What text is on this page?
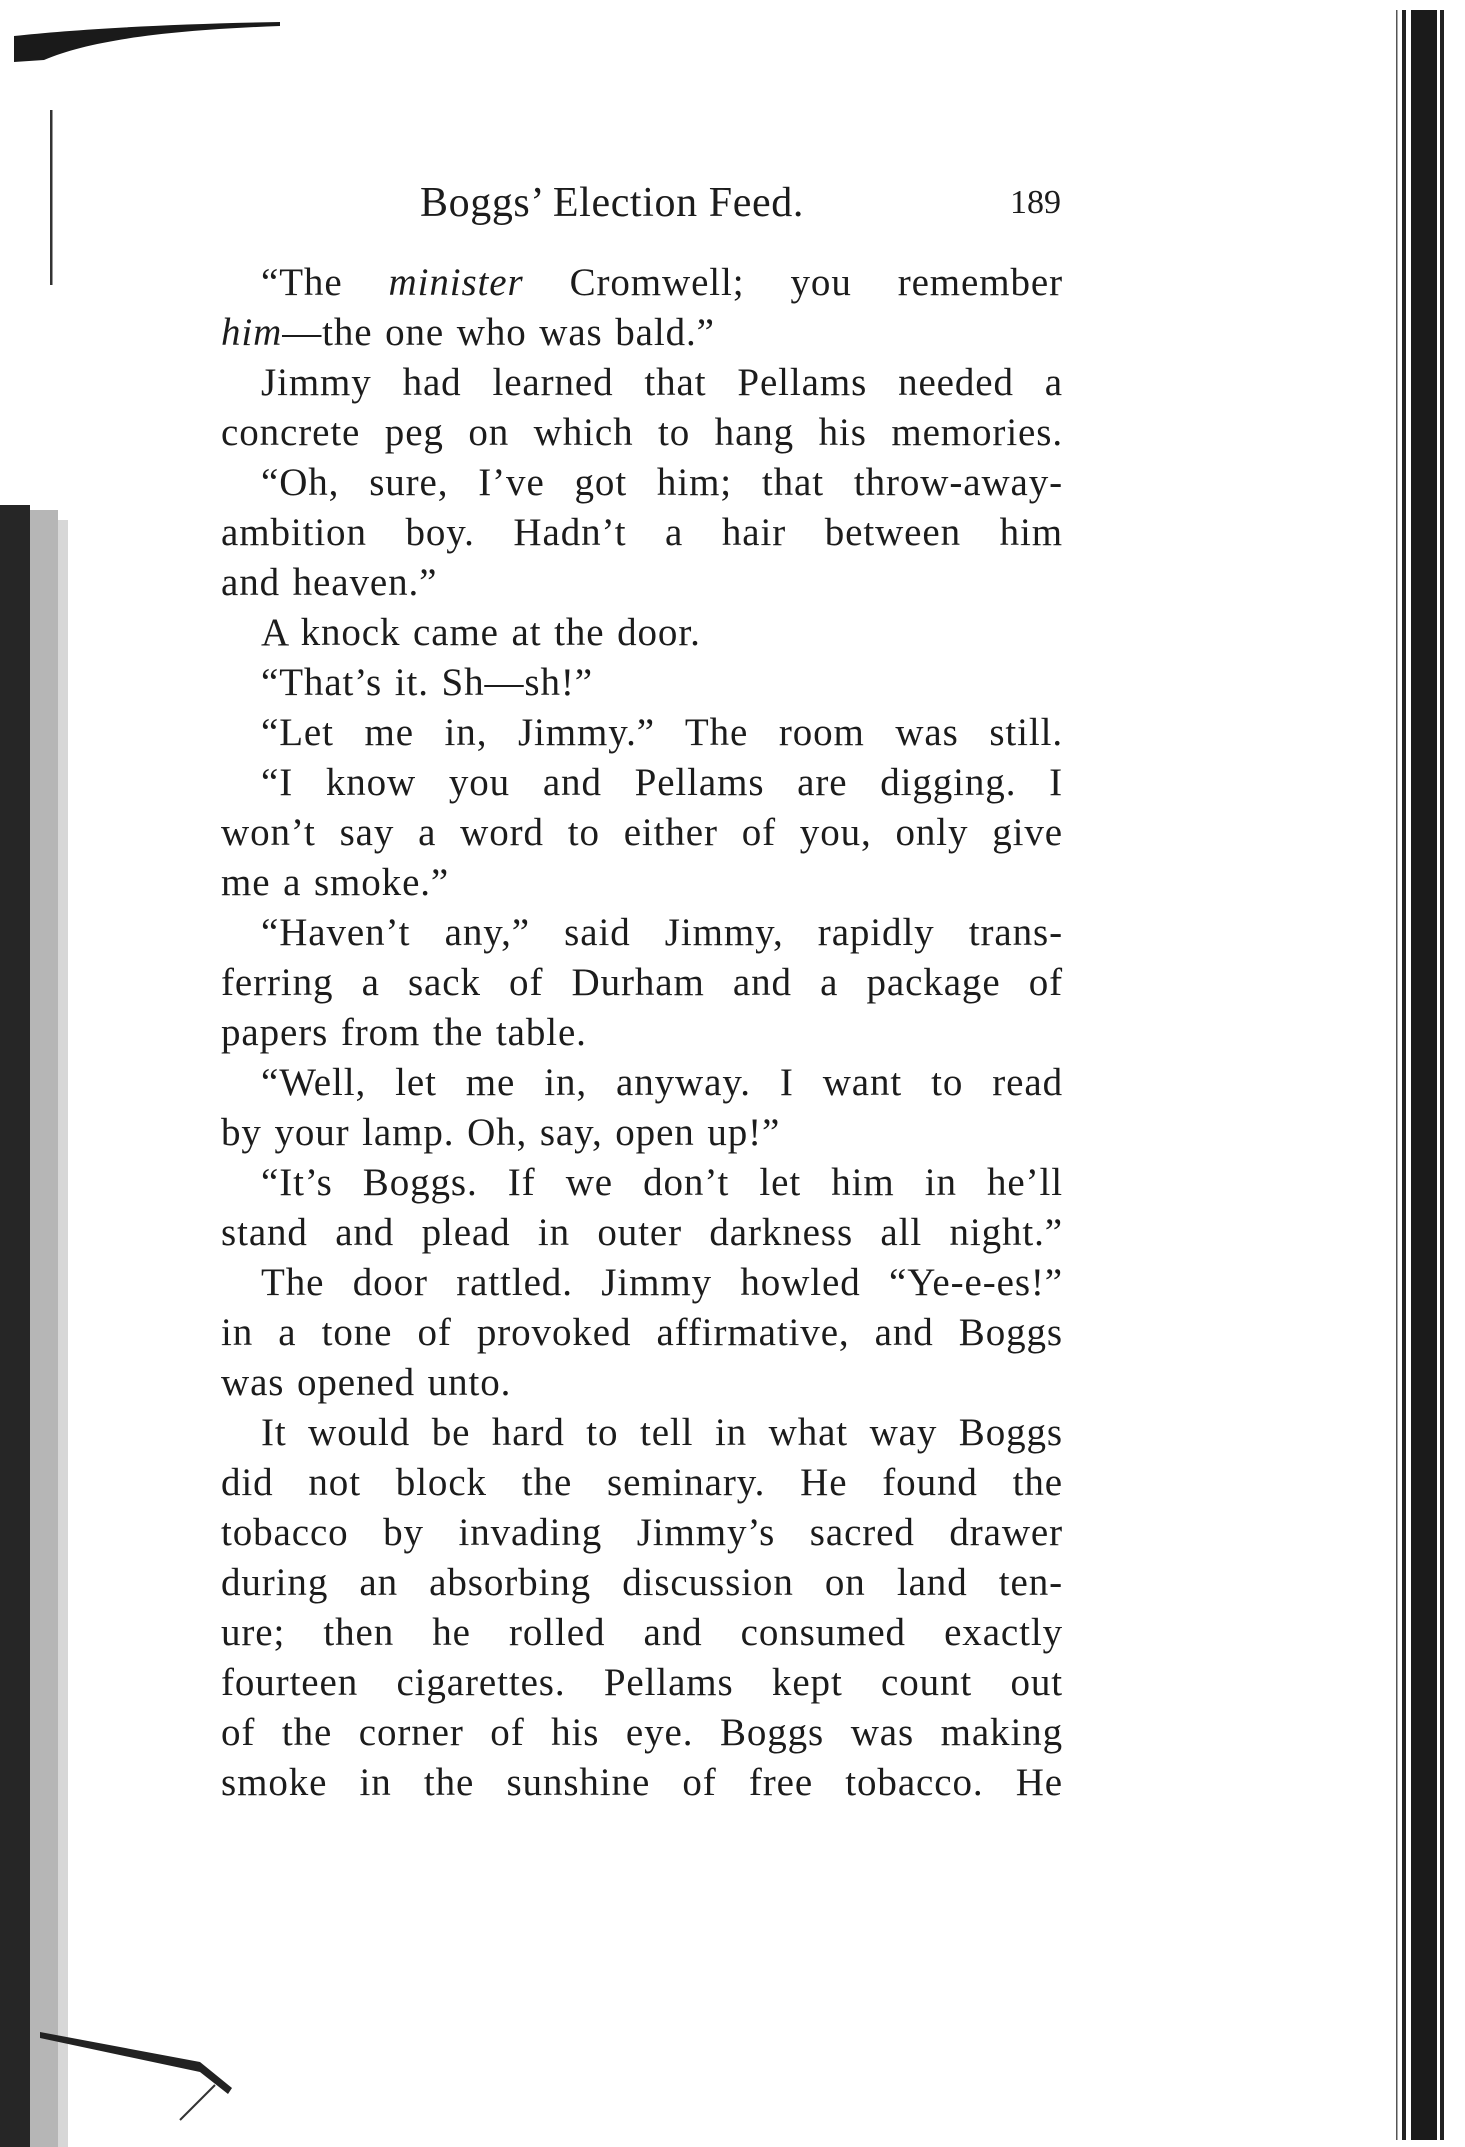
Boggs’ Election Feed.	189
“The minister Cromwell; you remember
him—the one who was bald.”
Jimmy had learned that Pellams needed a
concrete peg on which to hang his memories.
“Oh, sure, I’ve got him; that throw-away-
ambition boy. Hadn’t a hair between him
and heaven.”
A knock came at the door.
“That’s it. Sh—sh!”
“Let me in, Jimmy.” The room was still.
“I know you and Pellams are digging. I
won’t say a word to either of you, only give
me a smoke.”
“Haven’t any,” said Jimmy, rapidly trans-
ferring a sack of Durham and a package of
papers from the table.
“Well, let me in, anyway. I want to read
by your lamp. Oh, say, open up!”
“It’s Boggs. If we don’t let him in he’ll
stand and plead in outer darkness all night.”
The door rattled. Jimmy howled “Ye-e-es!”
in a tone of provoked affirmative, and Boggs
was opened unto.
It would be hard to tell in what way Boggs
did not block the seminary. He found the
tobacco by invading Jimmy’s sacred drawer
during an absorbing discussion on land ten-
ure; then he rolled and consumed exactly
fourteen cigarettes. Pellams kept count out
of the corner of his eye. Boggs was making
smoke in the sunshine of free tobacco. He
